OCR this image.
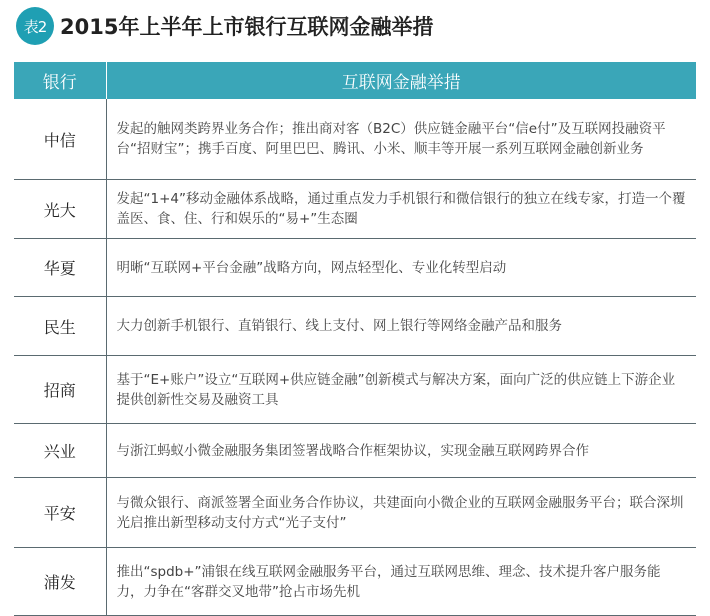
表2 2015年上半年上市银行互联网金融举措
银行	互联网金融举措
中信	发起的触网类跨界业务合作；推出商对客（B2C）供应链金融平台“信e付”及互联网投融资平台“招财宝”；携手百度、阿里巴巴、腾讯、小米、顺丰等开展一系列互联网金融创新业务
光大	发起“1+4”移动金融体系战略，通过重点发力手机银行和微信银行的独立在线专家，打造一个覆盖医、食、住、行和娱乐的“易+”生态圈
华夏	明晰“互联网+平台金融”战略方向，网点轻型化、专业化转型启动
民生	大力创新手机银行、直销银行、线上支付、网上银行等网络金融产品和服务
招商	基于“E+账户”设立“互联网+供应链金融”创新模式与解决方案，面向广泛的供应链上下游企业提供创新性交易及融资工具
兴业	与浙江蚂蚁小微金融服务集团签署战略合作框架协议，实现金融互联网跨界合作
平安	与微众银行、商派签署全面业务合作协议，共建面向小微企业的互联网金融服务平台；联合深圳光启推出新型移动支付方式“光子支付”
浦发	推出“spdb+”浦银在线互联网金融服务平台，通过互联网思维、理念、技术提升客户服务能力，力争在“客群交叉地带”抢占市场先机
